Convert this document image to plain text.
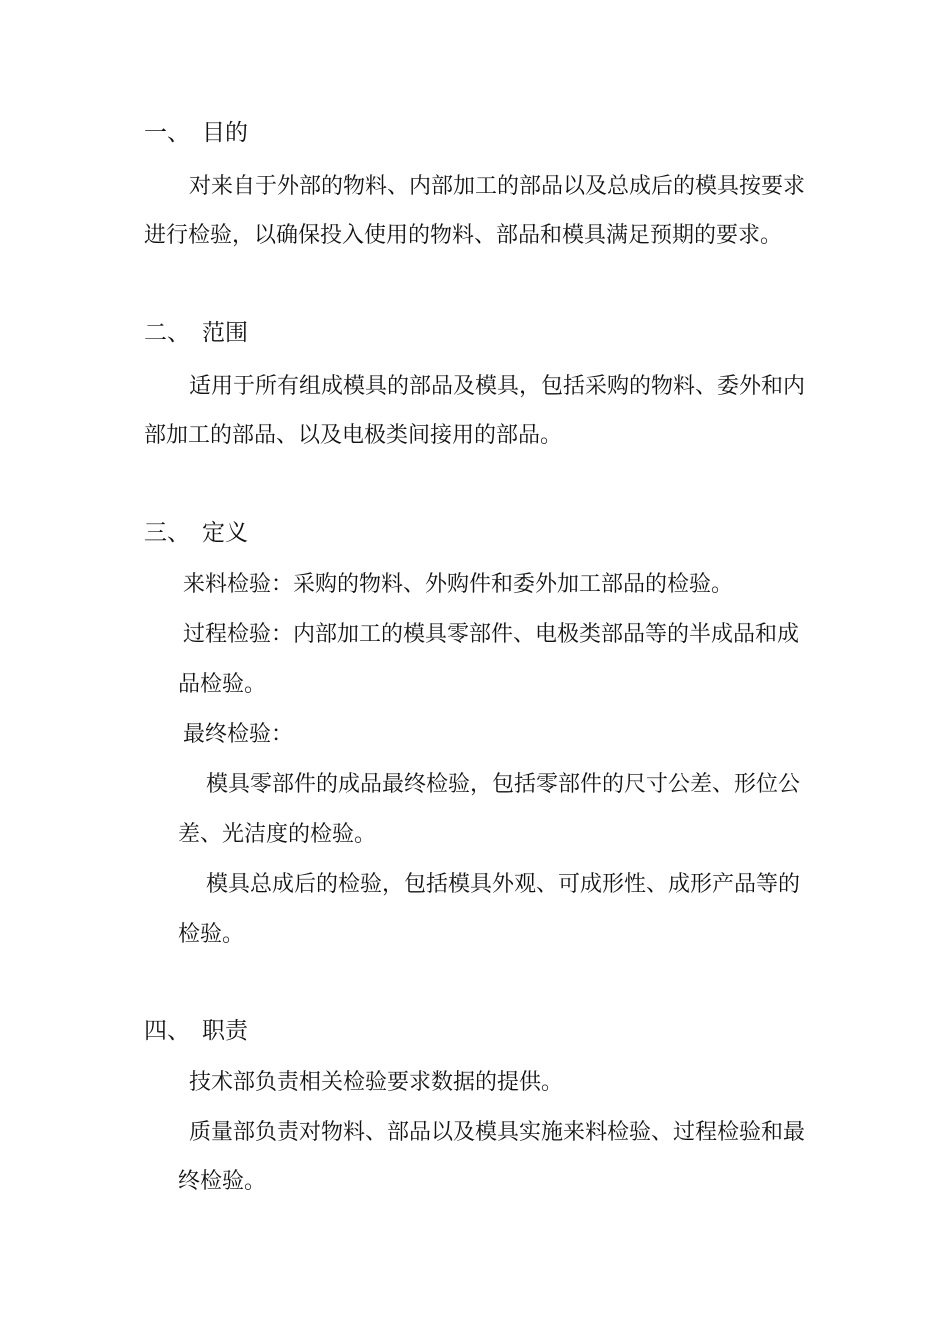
一、 目的
对来自于外部的物料、内部加工的部品以及总成后的模具按要求
进行检验，以确保投入使用的物料、部品和模具满足预期的要求。
二、 范围
适用于所有组成模具的部品及模具，包括采购的物料、委外和内
部加工的部品、以及电极类间接用的部品。
三、 定义
来料检验：采购的物料、外购件和委外加工部品的检验。
过程检验：内部加工的模具零部件、电极类部品等的半成品和成
品检验。
最终检验：
模具零部件的成品最终检验，包括零部件的尺寸公差、形位公
差、光洁度的检验。
模具总成后的检验，包括模具外观、可成形性、成形产品等的
检验。
四、 职责
技术部负责相关检验要求数据的提供。
质量部负责对物料、部品以及模具实施来料检验、过程检验和最
终检验。
